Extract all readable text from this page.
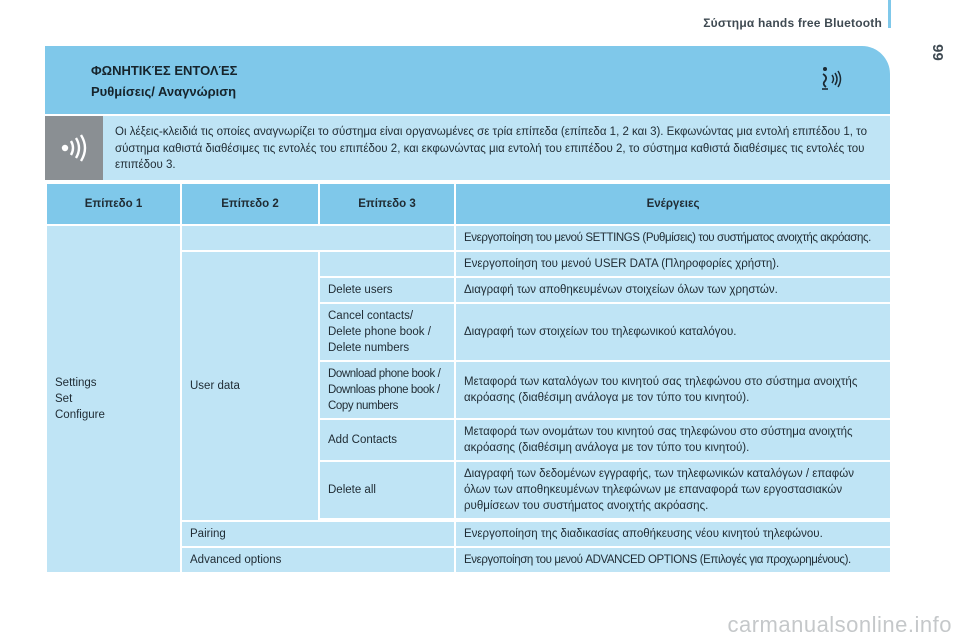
Σύστημα hands free Bluetooth
99
ΦΩΝΗΤΙΚΈΣ ΕΝΤΟΛΈΣ
Ρυθμίσεις/ Αναγνώριση

Οι λέξεις-κλειδιά τις οποίες αναγνωρίζει το σύστημα είναι οργανωμένες σε τρία επίπεδα (επίπεδα 1, 2 και 3). Εκφωνώντας μια εντολή επιπέδου 1, το σύστημα καθιστά διαθέσιμες τις εντολές του επιπέδου 2, και εκφωνώντας μια εντολή του επιπέδου 2, το σύστημα καθιστά διαθέσιμες τις εντολές του επιπέδου 3.

Επίπεδο 1	Επίπεδο 2	Επίπεδο 3	Ενέργειες
Settings
Set
Configure			Ενεργοποίηση του μενού SETTINGS (Ρυθμίσεις) του συστήματος ανοιχτής ακρόασης.
	User data		Ενεργοποίηση του μενού USER DATA (Πληροφορίες χρήστη).
		Delete users	Διαγραφή των αποθηκευμένων στοιχείων όλων των χρηστών.
		Cancel contacts/
Delete phone book /
Delete numbers	Διαγραφή των στοιχείων του τηλεφωνικού καταλόγου.
		Download phone book /
Downloas phone book /
Copy numbers	Μεταφορά των καταλόγων του κινητού σας τηλεφώνου στο σύστημα ανοιχτής ακρόασης (διαθέσιμη ανάλογα με τον τύπο του κινητού).
		Add Contacts	Μεταφορά των ονομάτων του κινητού σας τηλεφώνου στο σύστημα ανοιχτής ακρόασης (διαθέσιμη ανάλογα με τον τύπο του κινητού).
		Delete all	Διαγραφή των δεδομένων εγγραφής, των τηλεφωνικών καταλόγων / επαφών όλων των αποθηκευμένων τηλεφώνων με επαναφορά των εργοστασιακών ρυθμίσεων του συστήματος ανοιχτής ακρόασης.

	Pairing		Ενεργοποίηση της διαδικασίας αποθήκευσης νέου κινητού τηλεφώνου.
	Advanced options		Ενεργοποίηση του μενού ADVANCED OPTIONS (Επιλογές για προχωρημένους).
carmanualsonline.info
